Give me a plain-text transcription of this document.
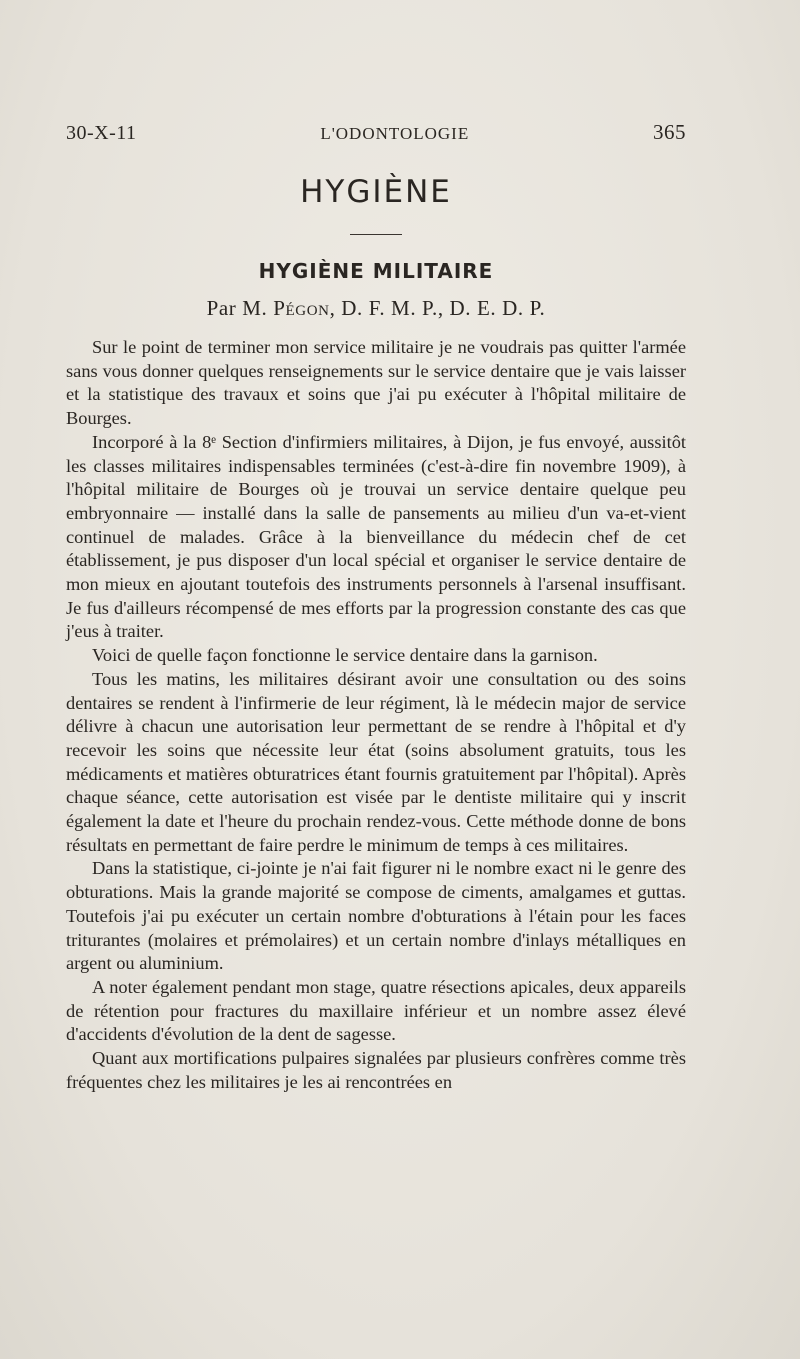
30-X-11	L'ODONTOLOGIE	365
HYGIÈNE
HYGIÈNE MILITAIRE
Par M. Pégon, D. F. M. P., D. E. D. P.

Sur le point de terminer mon service militaire je ne voudrais pas quitter l'armée sans vous donner quelques renseignements sur le service dentaire que je vais laisser et la statistique des travaux et soins que j'ai pu exécuter à l'hôpital militaire de Bourges.

Incorporé à la 8ᵉ Section d'infirmiers militaires, à Dijon, je fus envoyé, aussitôt les classes militaires indispensables terminées (c'est-à-dire fin novembre 1909), à l'hôpital militaire de Bourges où je trouvai un service dentaire quelque peu embryonnaire — installé dans la salle de pansements au milieu d'un va-et-vient continuel de malades. Grâce à la bienveillance du médecin chef de cet établissement, je pus disposer d'un local spécial et organiser le service dentaire de mon mieux en ajoutant toutefois des instruments personnels à l'arsenal insuffisant. Je fus d'ailleurs récompensé de mes efforts par la progression constante des cas que j'eus à traiter.

Voici de quelle façon fonctionne le service dentaire dans la garnison.

Tous les matins, les militaires désirant avoir une consultation ou des soins dentaires se rendent à l'infirmerie de leur régiment, là le médecin major de service délivre à chacun une autorisation leur permettant de se rendre à l'hôpital et d'y recevoir les soins que nécessite leur état (soins absolument gratuits, tous les médicaments et matières obturatrices étant fournis gratuitement par l'hôpital). Après chaque séance, cette autorisation est visée par le dentiste militaire qui y inscrit également la date et l'heure du prochain rendez-vous. Cette méthode donne de bons résultats en permettant de faire perdre le minimum de temps à ces militaires.

Dans la statistique, ci-jointe je n'ai fait figurer ni le nombre exact ni le genre des obturations. Mais la grande majorité se compose de ciments, amalgames et guttas. Toutefois j'ai pu exécuter un certain nombre d'obturations à l'étain pour les faces triturantes (molaires et prémolaires) et un certain nombre d'inlays métalliques en argent ou aluminium.

A noter également pendant mon stage, quatre résections apicales, deux appareils de rétention pour fractures du maxillaire inférieur et un nombre assez élevé d'accidents d'évolution de la dent de sagesse.

Quant aux mortifications pulpaires signalées par plusieurs confrères comme très fréquentes chez les militaires je les ai rencontrées en
